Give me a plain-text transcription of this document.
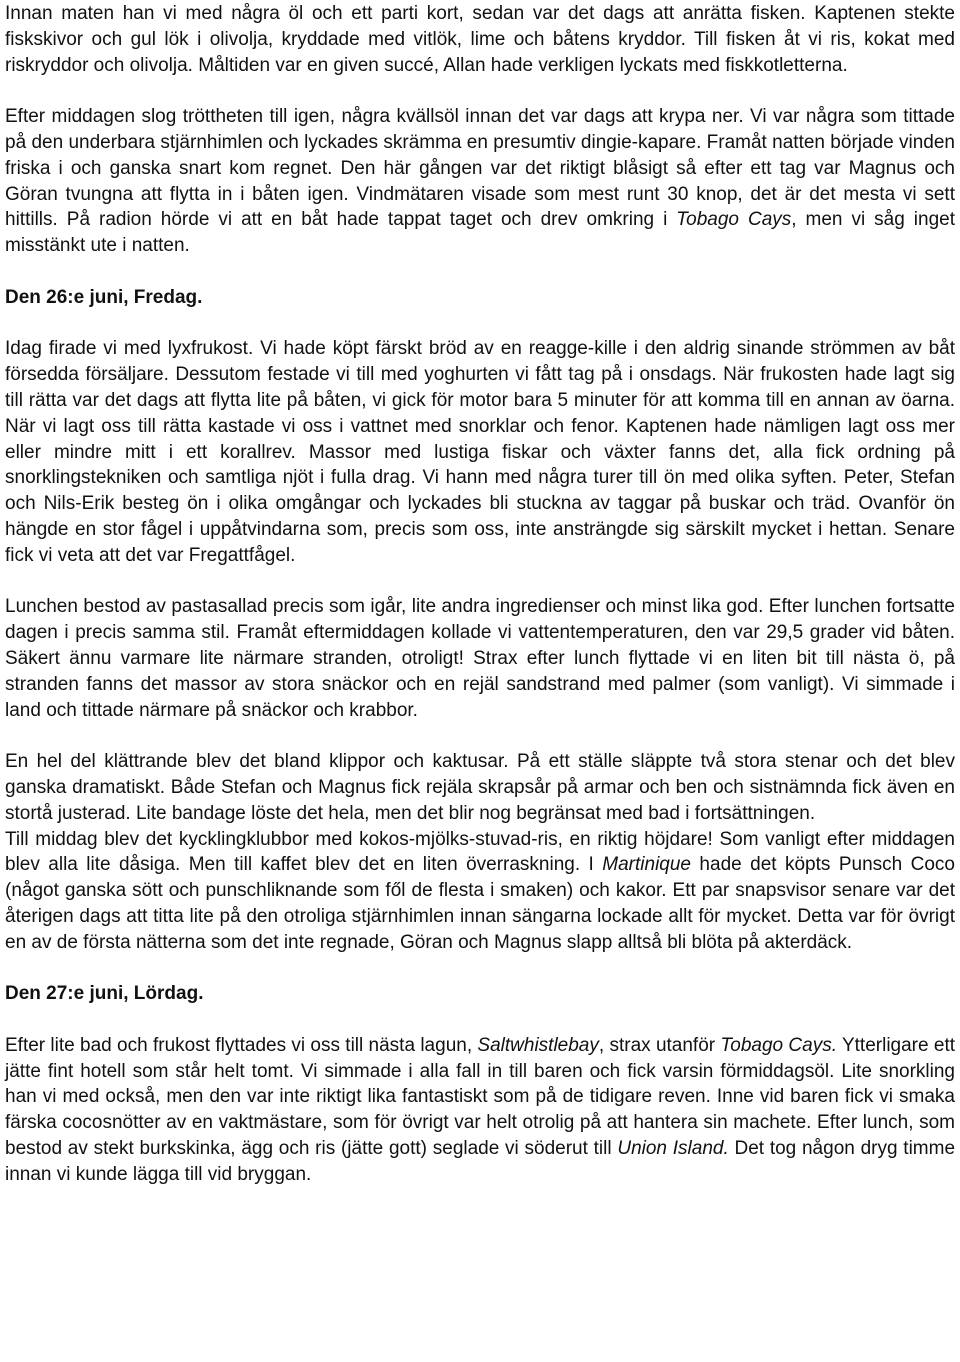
Innan maten han vi med några öl och ett parti kort, sedan var det dags att anrätta fisken. Kaptenen stekte fiskskivor och gul lök i olivolja, kryddade med vitlök, lime och båtens kryddor. Till fisken åt vi ris, kokat med riskryddor och olivolja. Måltiden var en given succé, Allan hade verkligen lyckats med fiskkotletterna.

Efter middagen slog tröttheten till igen, några kvällsöl innan det var dags att krypa ner. Vi var några som tittade på den underbara stjärnhimlen och lyckades skrämma en presumtiv dingie-kapare. Framåt natten började vinden friska i och ganska snart kom regnet. Den här gången var det riktigt blåsigt så efter ett tag var Magnus och Göran tvungna att flytta in i båten igen. Vindmätaren visade som mest runt 30 knop, det är det mesta vi sett hittills. På radion hörde vi att en båt hade tappat taget och drev omkring i Tobago Cays, men vi såg inget misstänkt ute i natten.

Den 26:e juni, Fredag.

Idag firade vi med lyxfrukost. Vi hade köpt färskt bröd av en reagge-kille i den aldrig sinande strömmen av båt försedda försäljare. Dessutom festade vi till med yoghurten vi fått tag på i onsdags. När frukosten hade lagt sig till rätta var det dags att flytta lite på båten, vi gick för motor bara 5 minuter för att komma till en annan av öarna. När vi lagt oss till rätta kastade vi oss i vattnet med snorklar och fenor. Kaptenen hade nämligen lagt oss mer eller mindre mitt i ett korallrev. Massor med lustiga fiskar och växter fanns det, alla fick ordning på snorklingstekniken och samtliga njöt i fulla drag. Vi hann med några turer till ön med olika syften. Peter, Stefan och Nils-Erik besteg ön i olika omgångar och lyckades bli stuckna av taggar på buskar och träd. Ovanför ön hängde en stor fågel i uppåtvindarna som, precis som oss, inte ansträngde sig särskilt mycket i hettan. Senare fick vi veta att det var Fregattfågel.

Lunchen bestod av pastasallad precis som igår, lite andra ingredienser och minst lika god. Efter lunchen fortsatte dagen i precis samma stil. Framåt eftermiddagen kollade vi vattentemperaturen, den var 29,5 grader vid båten. Säkert ännu varmare lite närmare stranden, otroligt! Strax efter lunch flyttade vi en liten bit till nästa ö, på stranden fanns det massor av stora snäckor och en rejäl sandstrand med palmer (som vanligt). Vi simmade i land och tittade närmare på snäckor och krabbor.

En hel del klättrande blev det bland klippor och kaktusar. På ett ställe släppte två stora stenar och det blev ganska dramatiskt. Både Stefan och Magnus fick rejäla skrapsår på armar och ben och sistnämnda fick även en stortå justerad. Lite bandage löste det hela, men det blir nog begränsat med bad i fortsättningen.

Till middag blev det kycklingklubbor med kokos-mjölks-stuvad-ris, en riktig höjdare! Som vanligt efter middagen blev alla lite dåsiga. Men till kaffet blev det en liten överraskning. I Martinique hade det köpts Punsch Coco (något ganska sött och punschliknande som fől de flesta i smaken) och kakor. Ett par snapsvisor senare var det återigen dags att titta lite på den otroliga stjärnhimlen innan sängarna lockade allt för mycket. Detta var för övrigt en av de första nätterna som det inte regnade, Göran och Magnus slapp alltså bli blöta på akterdäck.

Den 27:e juni, Lördag.

Efter lite bad och frukost flyttades vi oss till nästa lagun, Saltwhistlebay, strax utanför Tobago Cays. Ytterligare ett jätte fint hotell som står helt tomt. Vi simmade i alla fall in till baren och fick varsin förmiddagsöl. Lite snorkling han vi med också, men den var inte riktigt lika fantastiskt som på de tidigare reven. Inne vid baren fick vi smaka färska cocosnötter av en vaktmästare, som för övrigt var helt otrolig på att hantera sin machete. Efter lunch, som bestod av stekt burkskinka, ägg och ris (jätte gott) seglade vi söderut till Union Island. Det tog någon dryg timme innan vi kunde lägga till vid bryggan.
